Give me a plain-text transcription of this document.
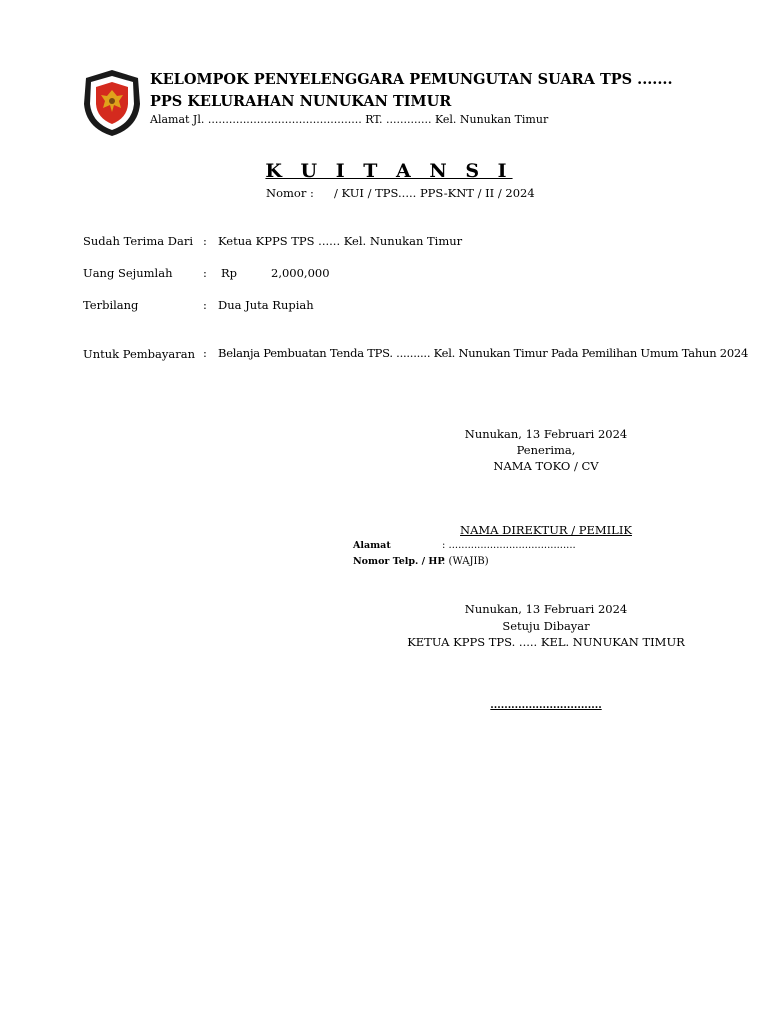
KELOMPOK PENYELENGGARA PEMUNGUTAN SUARA TPS .......
PPS KELURAHAN NUNUKAN TIMUR
Alamat Jl. ............................................ RT. ............. Kel. Nunukan Timur
K U I T A N S I
Nomor : / KUI / TPS..... PPS-KNT / II / 2024
Sudah Terima Dari : Ketua KPPS TPS ...... Kel. Nunukan Timur
Uang Sejumlah	: Rp	2,000,000
Terbilang	: Dua Juta Rupiah
Untuk Pembayaran : Belanja Pembuatan Tenda TPS. .......... Kel. Nunukan Timur Pada Pemilihan Umum Tahun 2024
Nunukan, 13 Februari 2024
Penerima,
NAMA TOKO / CV
NAMA DIREKTUR / PEMILIK
Alamat	: ........................................
Nomor Telp. / HP
: (WAJIB)
Nunukan, 13 Februari 2024
Setuju Dibayar
KETUA KPPS TPS. ..... KEL. NUNUKAN TIMUR
................................
